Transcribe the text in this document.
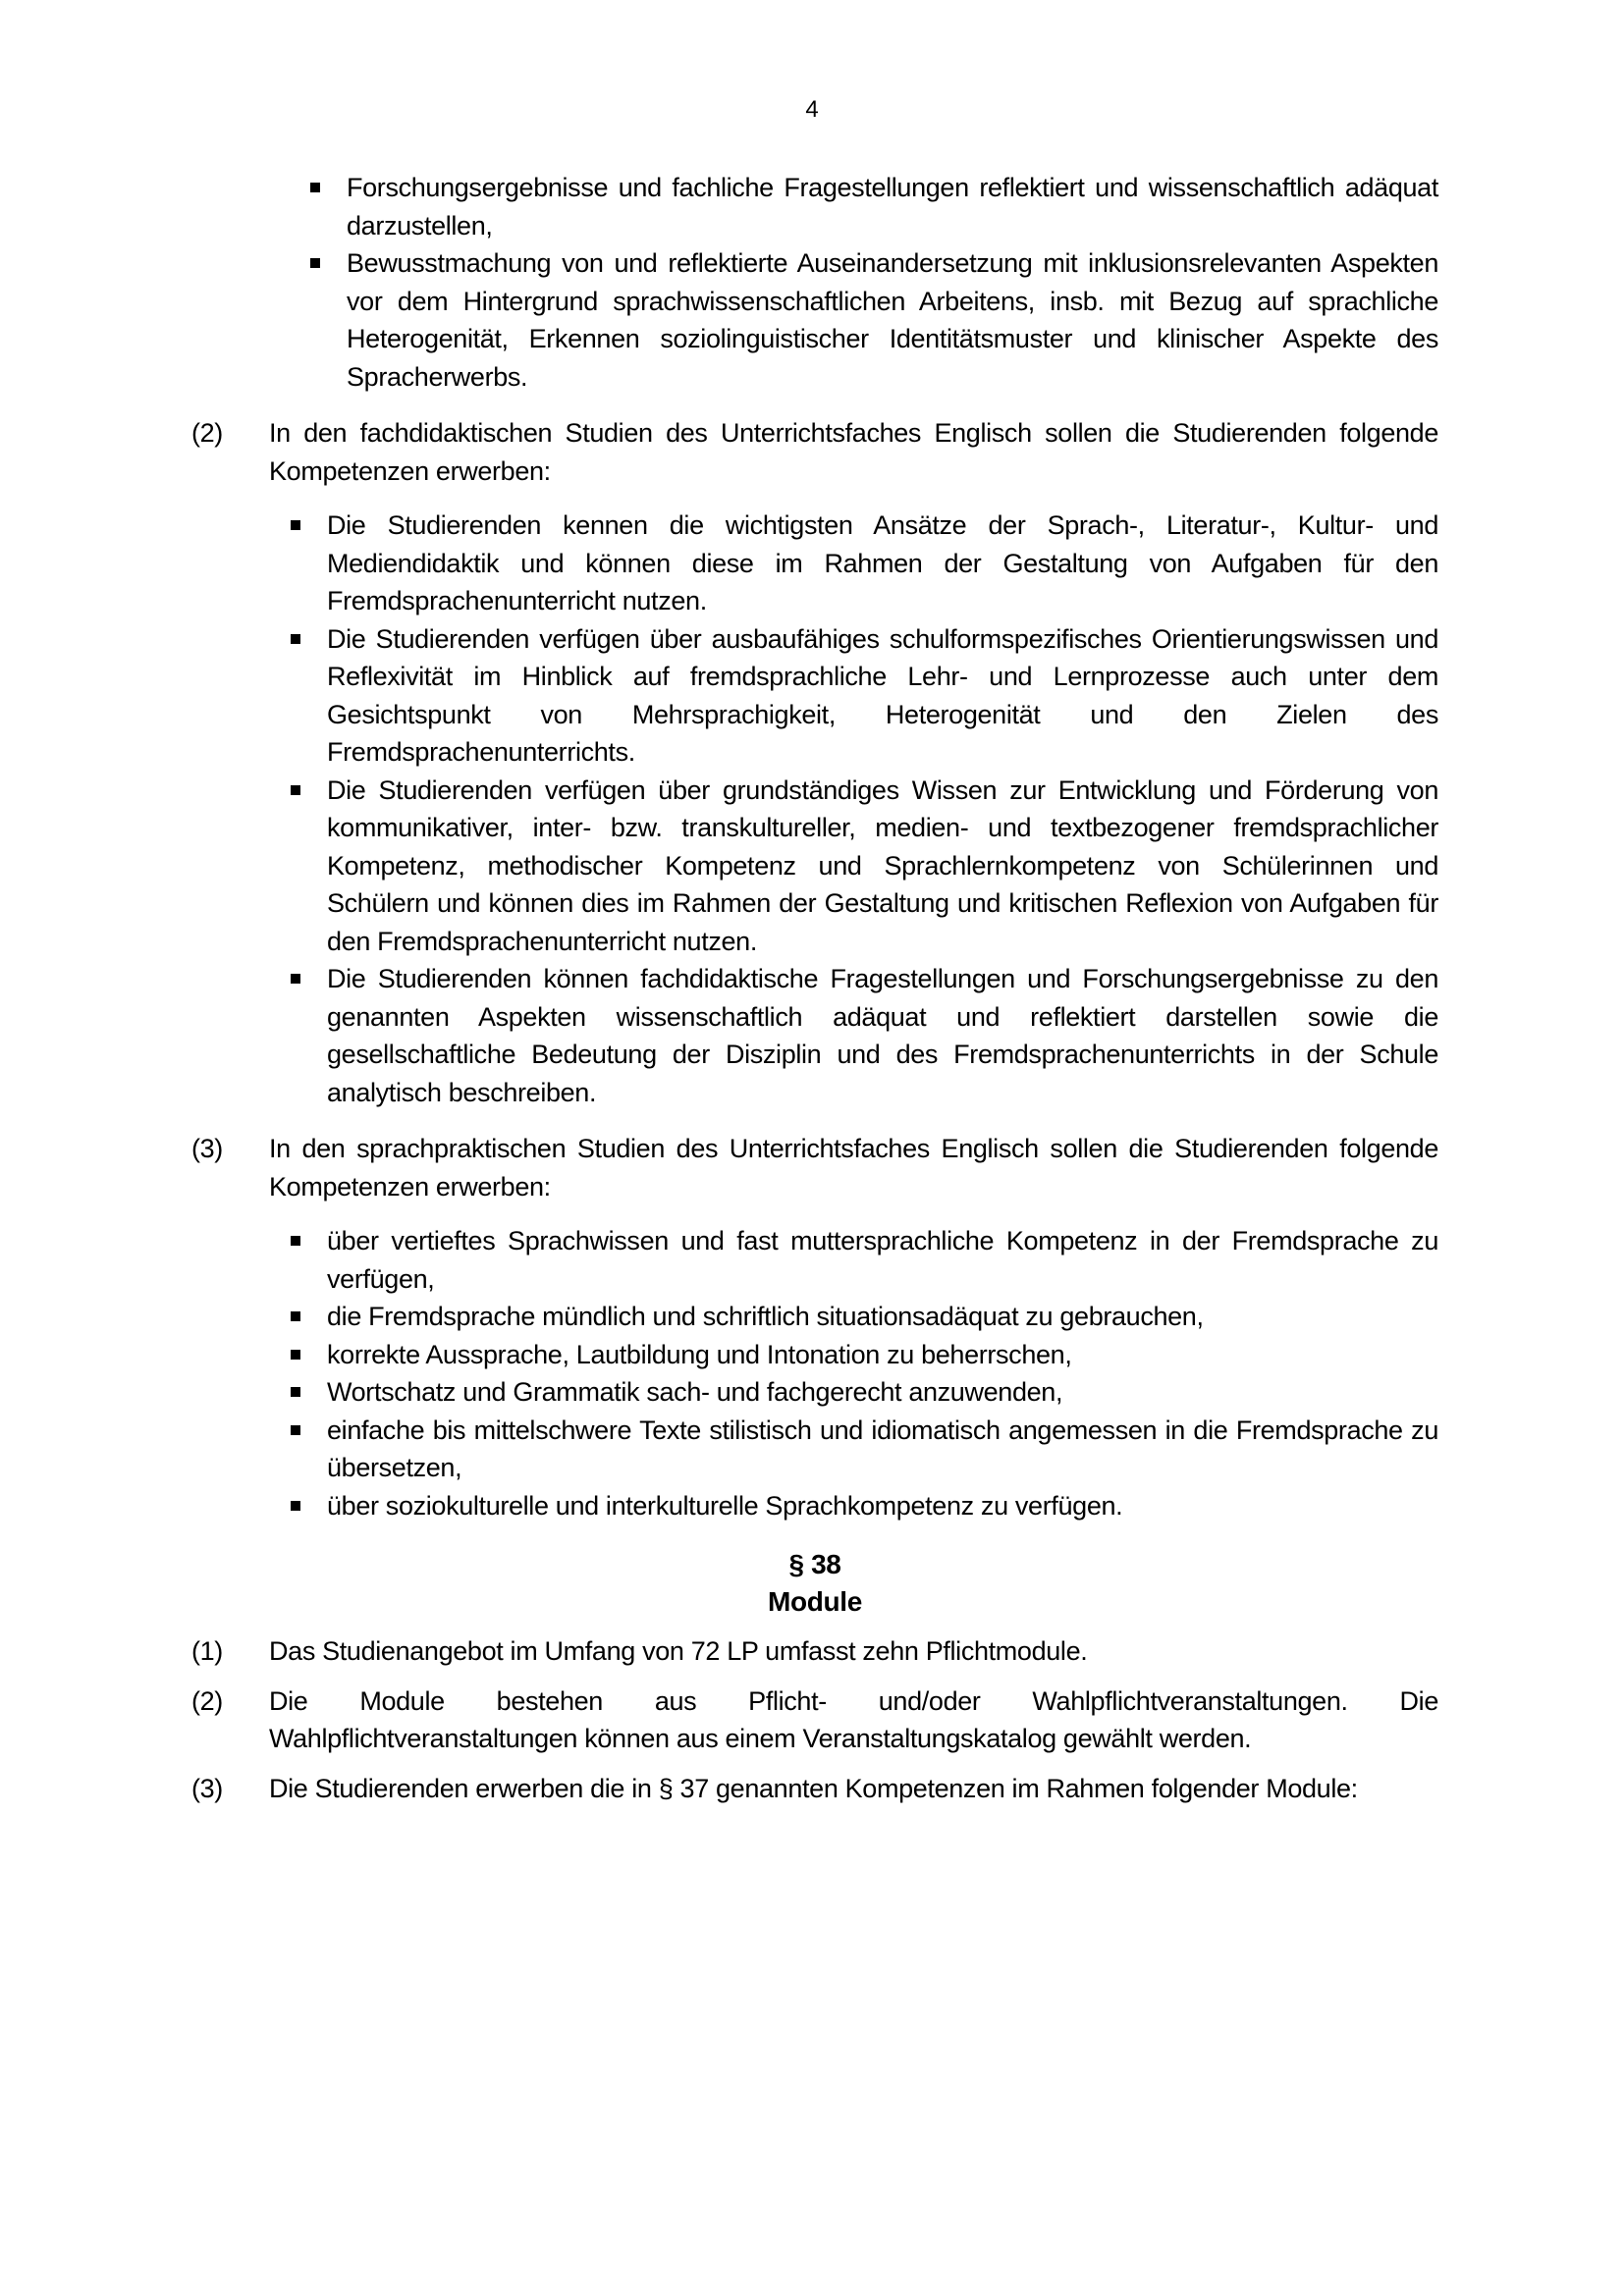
4
Forschungsergebnisse und fachliche Fragestellungen reflektiert und wissenschaftlich adäquat darzustellen,
Bewusstmachung von und reflektierte Auseinandersetzung mit inklusionsrelevanten Aspekten vor dem Hintergrund sprachwissenschaftlichen Arbeitens, insb. mit Bezug auf sprachliche Heterogenität, Erkennen soziolinguistischer Identitätsmuster und klinischer Aspekte des Spracherwerbs.
(2) In den fachdidaktischen Studien des Unterrichtsfaches Englisch sollen die Studierenden folgende Kompetenzen erwerben:
Die Studierenden kennen die wichtigsten Ansätze der Sprach-, Literatur-, Kultur- und Mediendidaktik und können diese im Rahmen der Gestaltung von Aufgaben für den Fremdsprachenunterricht nutzen.
Die Studierenden verfügen über ausbaufähiges schulformspezifisches Orientierungswissen und Reflexivität im Hinblick auf fremdsprachliche Lehr- und Lernprozesse auch unter dem Gesichtspunkt von Mehrsprachigkeit, Heterogenität und den Zielen des Fremdsprachenunterrichts.
Die Studierenden verfügen über grundständiges Wissen zur Entwicklung und Förderung von kommunikativer, inter- bzw. transkultureller, medien- und textbezogener fremdsprachlicher Kompetenz, methodischer Kompetenz und Sprachlernkompetenz von Schülerinnen und Schülern und können dies im Rahmen der Gestaltung und kritischen Reflexion von Aufgaben für den Fremdsprachenunterricht nutzen.
Die Studierenden können fachdidaktische Fragestellungen und Forschungsergebnisse zu den genannten Aspekten wissenschaftlich adäquat und reflektiert darstellen sowie die gesellschaftliche Bedeutung der Disziplin und des Fremdsprachenunterrichts in der Schule analytisch beschreiben.
(3) In den sprachpraktischen Studien des Unterrichtsfaches Englisch sollen die Studierenden folgende Kompetenzen erwerben:
über vertieftes Sprachwissen und fast muttersprachliche Kompetenz in der Fremdsprache zu verfügen,
die Fremdsprache mündlich und schriftlich situationsadäquat zu gebrauchen,
korrekte Aussprache, Lautbildung und Intonation zu beherrschen,
Wortschatz und Grammatik sach- und fachgerecht anzuwenden,
einfache bis mittelschwere Texte stilistisch und idiomatisch angemessen in die Fremdsprache zu übersetzen,
über soziokulturelle und interkulturelle Sprachkompetenz zu verfügen.
§ 38
Module
(1) Das Studienangebot im Umfang von 72 LP umfasst zehn Pflichtmodule.
(2) Die Module bestehen aus Pflicht- und/oder Wahlpflichtveranstaltungen. Die Wahlpflichtveranstaltungen können aus einem Veranstaltungskatalog gewählt werden.
(3) Die Studierenden erwerben die in § 37 genannten Kompetenzen im Rahmen folgender Module:
